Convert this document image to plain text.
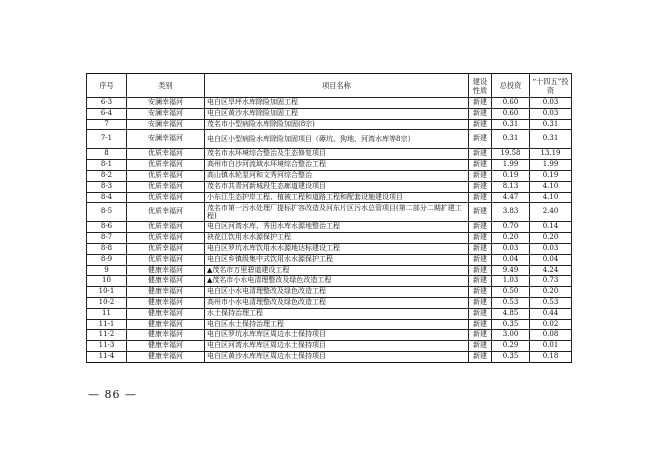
序号	类别	项目名称	建设性质	总投资	“十四五”投资
6-3	安澜幸福河	电白区旱坪水库除险加固工程	新建	0.60	0.03
6-4	安澜幸福河	电白区黄沙水库除险加固工程	新建	0.60	0.03
7	安澜幸福河	茂名市小型病险水库除险加固(8宗)	新建	0.31	0.31
7-1	安澜幸福河	电白区小型病险水库除险加固项目（礤坑、狗地、河湾水库等8宗）	新建	0.31	0.31
8	优质幸福河	茂名市水环境综合整治及生态修复项目	新建	19.58	13.19
8-1	优质幸福河	高州市白沙河流域水环境综合整治工程	新建	1.99	1.99
8-2	优质幸福河	高山镇水轮泵河和文秀河综合整治	新建	0.19	0.19
8-3	优质幸福河	茂名市共青河新城段生态廊道建设项目	新建	8.13	4.10
8-4	优质幸福河	小东江生态护岸工程、植被工程和道路工程和配套设施建设项目	新建	4.47	4.10
8-5	优质幸福河	茂名市第一污水处理厂提标扩容改造及河东片区污水总管项目(第二部分二期扩建工程)	新建	3.83	2.40
8-6	优质幸福河	电白区河湾水库、秀田水库水源地整治工程	新建	0.70	0.14
8-7	优质幸福河	袂花江饮用水水源保护工程	新建	0.20	0.20
8-8	优质幸福河	电白区罗坑水库饮用水水源地达标建设工程	新建	0.03	0.03
8-9	优质幸福河	电白区乡镇级集中式饮用水水源保护工程	新建	0.04	0.04
9	健康幸福河	▲茂名市万里碧道建设工程	新建	9.49	4.24
10	健康幸福河	▲茂名市小水电清理整改及绿色改造工程	新建	1.03	0.73
10-1	健康幸福河	电白区小水电清理整改及绿色改造工程	新建	0.50	0.20
10-2	健康幸福河	高州市小水电清理整改及绿色改造工程	新建	0.53	0.53
11	健康幸福河	水土保持治理工程	新建	4.85	0.44
11-1	健康幸福河	电白区水土保持治理工程	新建	0.35	0.02
11-2	健康幸福河	电白区罗坑水库库区周边水土保持项目	新建	3.00	0.08
11-3	健康幸福河	电白区河湾水库库区周边水土保持项目	新建	0.29	0.01
11-4	健康幸福河	电白区黄沙水库库区周边水土保持项目	新建	0.35	0.18
— 86 —
